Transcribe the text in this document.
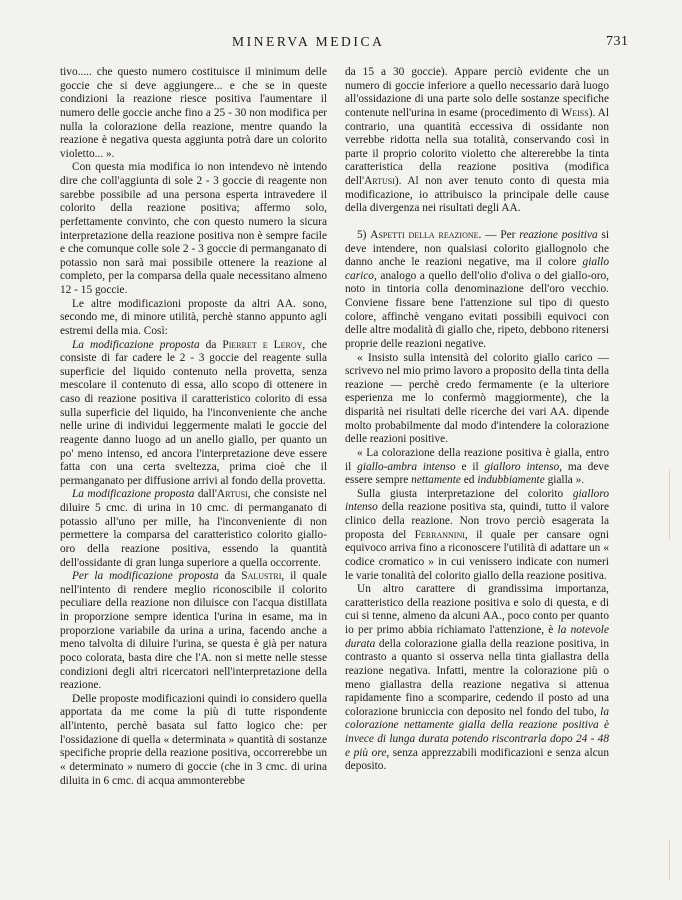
MINERVA MEDICA	731

tivo..... che questo numero costituisce il minimum delle goccie che si deve aggiungere... e che se in queste condizioni la reazione riesce positiva l'aumentare il numero delle goccie anche fino a 25 - 30 non modifica per nulla la colorazione della reazione, mentre quando la reazione è negativa questa aggiunta potrà dare un colorito violetto... ».

Con questa mia modifica io non intendevo nè intendo dire che coll'aggiunta di sole 2 - 3 goccie di reagente non sarebbe possibile ad una persona esperta intravedere il colorito della reazione positiva; affermo solo, perfettamente convinto, che con questo numero la sicura interpretazione della reazione positiva non è sempre facile e che comunque colle sole 2 - 3 goccie di permanganato di potassio non sarà mai possibile ottenere la reazione al completo, per la comparsa della quale necessitano almeno 12 - 15 goccie.

Le altre modificazioni proposte da altri AA. sono, secondo me, di minore utilità, perchè stanno appunto agli estremi della mia. Così:

La modificazione proposta da Pierret e Leroy, che consiste di far cadere le 2 - 3 goccie del reagente sulla superficie del liquido contenuto nella provetta, senza mescolare il contenuto di essa, allo scopo di ottenere in caso di reazione positiva il caratteristico colorito di essa sulla superficie del liquido, ha l'inconveniente che anche nelle urine di individui leggermente malati le goccie del reagente danno luogo ad un anello giallo, per quanto un po' meno intenso, ed ancora l'interpretazione deve essere fatta con una certa sveltezza, prima cioè che il permanganato per diffusione arrivi al fondo della provetta.

La modificazione proposta dall'Artusi, che consiste nel diluire 5 cmc. di urina in 10 cmc. di permanganato di potassio all'uno per mille, ha l'inconveniente di non permettere la comparsa del caratteristico colorito giallo-oro della reazione positiva, essendo la quantità dell'ossidante di gran lunga superiore a quella occorrente.

Per la modificazione proposta da Salustri, il quale nell'intento di rendere meglio riconoscibile il colorito peculiare della reazione non diluisce con l'acqua distillata in proporzione sempre identica l'urina in esame, ma in proporzione variabile da urina a urina, facendo anche a meno talvolta di diluire l'urina, se questa è già per natura poco colorata, basta dire che l'A. non si mette nelle stesse condizioni degli altri ricercatori nell'interpretazione della reazione.

Delle proposte modificazioni quindi io considero quella apportata da me come la più di tutte rispondente all'intento, perchè basata sul fatto logico che: per l'ossidazione di quella « determinata » quantità di sostanze specifiche proprie della reazione positiva, occorrerebbe un « determinato » numero di goccie (che in 3 cmc. di urina diluita in 6 cmc. di acqua ammonterebbe

da 15 a 30 goccie). Appare perciò evidente che un numero di goccie inferiore a quello necessario darà luogo all'ossidazione di una parte solo delle sostanze specifiche contenute nell'urina in esame (procedimento di Weiss). Al contrario, una quantità eccessiva di ossidante non verrebbe ridotta nella sua totalità, conservando così in parte il proprio colorito violetto che altererebbe la tinta caratteristica della reazione positiva (modifica dell'Artusi). Al non aver tenuto conto di questa mia modificazione, io attribuisco la principale delle cause della divergenza nei risultati degli AA.

5) Aspetti della reazione. — Per reazione positiva si deve intendere, non qualsiasi colorito giallognolo che danno anche le reazioni negative, ma il colore giallo carico, analogo a quello dell'olio d'oliva o del giallo-oro, noto in tintoria colla denominazione dell'oro vecchio. Conviene fissare bene l'attenzione sul tipo di questo colore, affinchè vengano evitati possibili equivoci con delle altre modalità di giallo che, ripeto, debbono ritenersi proprie delle reazioni negative.

« Insisto sulla intensità del colorito giallo carico — scrivevo nel mio primo lavoro a proposito della tinta della reazione — perchè credo fermamente (e la ulteriore esperienza me lo confermò maggiormente), che la disparità nei risultati delle ricerche dei vari AA. dipende molto probabilmente dal modo d'intendere la colorazione delle reazioni positive.

« La colorazione della reazione positiva è gialla, entro il giallo-ambra intenso e il gialloro intenso, ma deve essere sempre nettamente ed indubbiamente gialla ».

Sulla giusta interpretazione del colorito gialloro intenso della reazione positiva sta, quindi, tutto il valore clinico della reazione. Non trovo perciò esagerata la proposta del Ferrannini, il quale per cansare ogni equivoco arriva fino a riconoscere l'utilità di adattare un « codice cromatico » in cui venissero indicate con numeri le varie tonalità del colorito giallo della reazione positiva.

Un altro carattere di grandissima importanza, caratteristico della reazione positiva e solo di questa, e di cui si tenne, almeno da alcuni AA., poco conto per quanto io per primo abbia richiamato l'attenzione, è la notevole durata della colorazione gialla della reazione positiva, in contrasto a quanto si osserva nella tinta giallastra della reazione negativa. Infatti, mentre la colorazione più o meno giallastra della reazione negativa si attenua rapidamente fino a scomparire, cedendo il posto ad una colorazione bruniccia con deposito nel fondo del tubo, la colorazione nettamente gialla della reazione positiva è invece di lunga durata potendo riscontrarla dopo 24 - 48 e più ore, senza apprezzabili modificazioni e senza alcun deposito.
